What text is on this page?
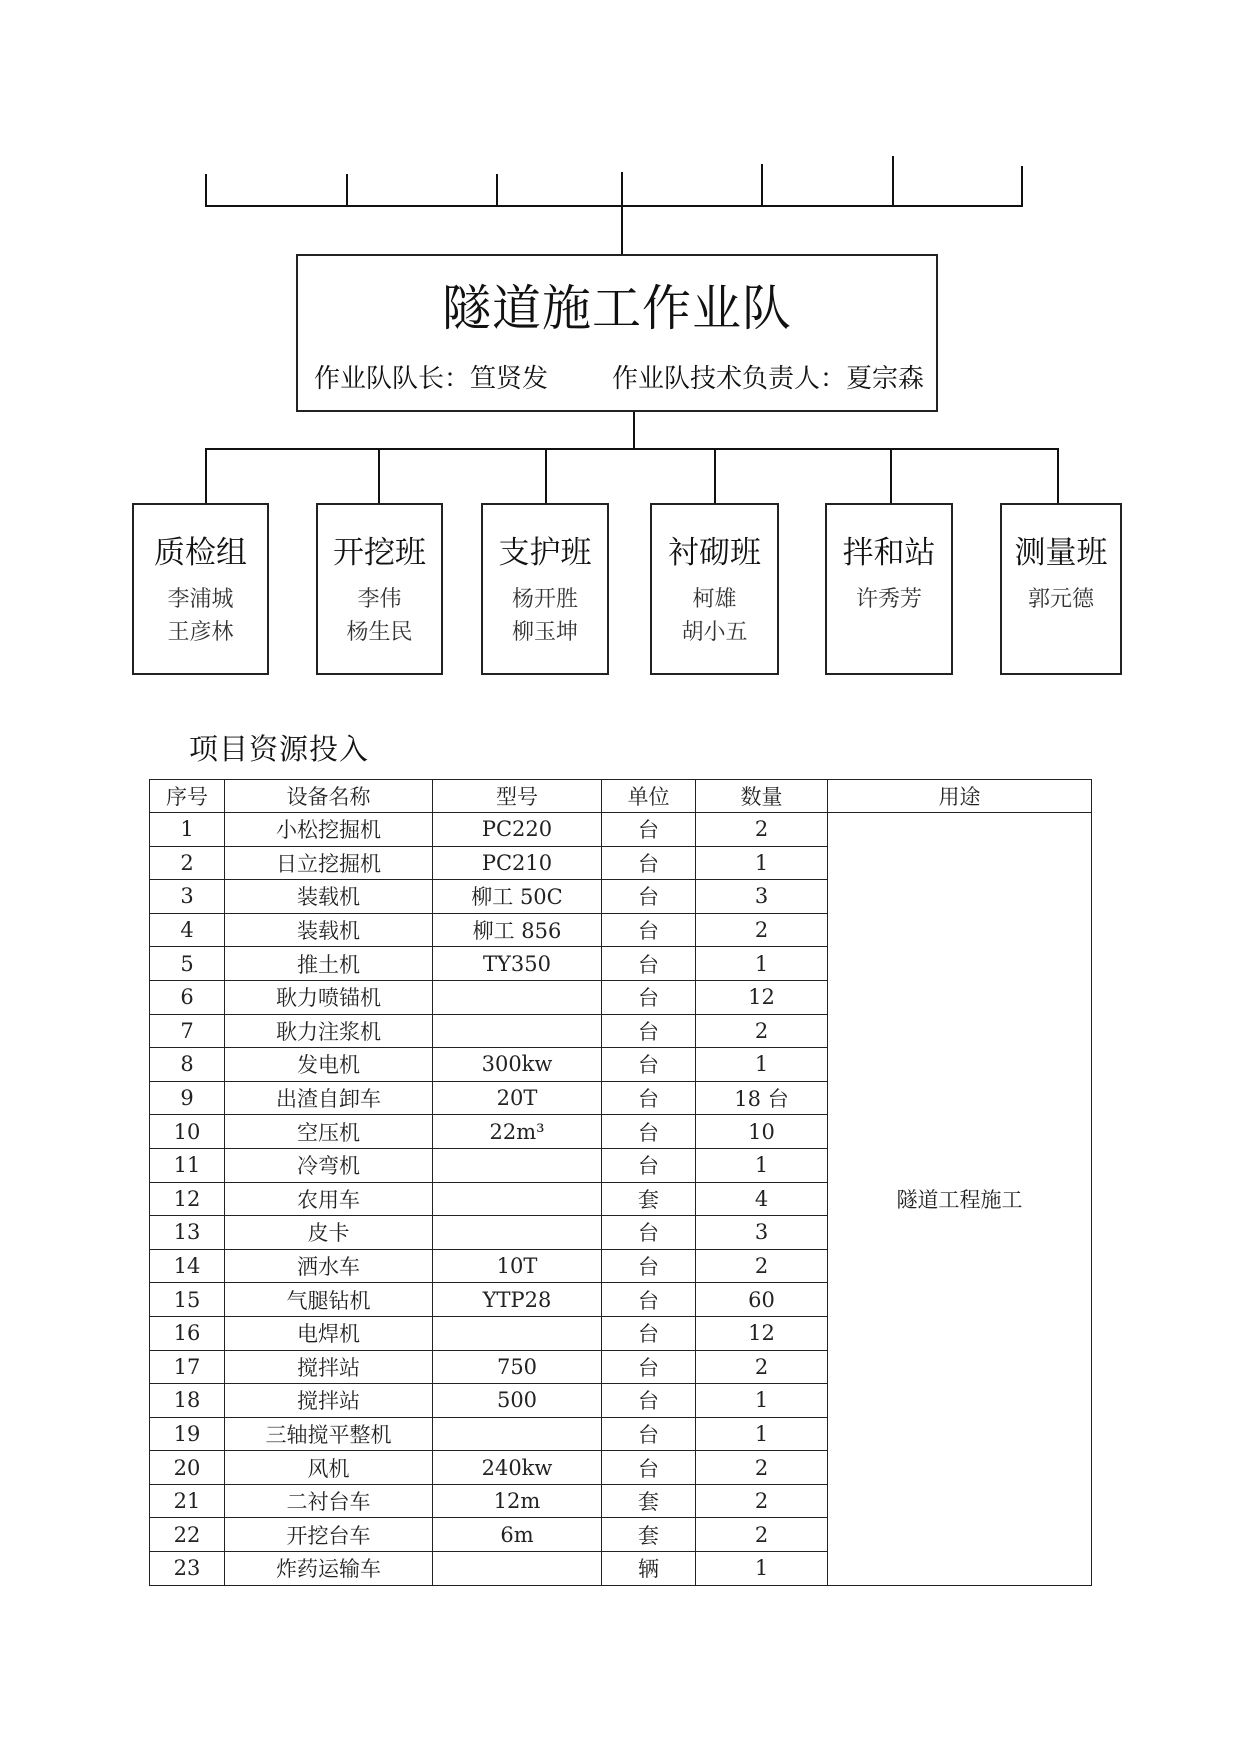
隧道施工作业队
作业队队长：笪贤发 作业队技术负责人：夏宗森
质检组
李浦城
王彦林
开挖班
李伟
杨生民
支护班
杨开胜
柳玉坤
衬砌班
柯雄
胡小五
拌和站
许秀芳
测量班
郭元德
项目资源投入
序号	设备名称	型号	单位	数量	用途
1	小松挖掘机	PC220	台	2	隧道工程施工
2	日立挖掘机	PC210	台	1	
3	装载机	柳工 50C	台	3	
4	装载机	柳工 856	台	2	
5	推土机	TY350	台	1	
6	耿力喷锚机		台	12	
7	耿力注浆机		台	2	
8	发电机	300kw	台	1	
9	出渣自卸车	20T	台	18 台	
10	空压机	22m³	台	10	
11	冷弯机		台	1	
12	农用车		套	4	
13	皮卡		台	3	
14	洒水车	10T	台	2	
15	气腿钻机	YTP28	台	60	
16	电焊机		台	12	
17	搅拌站	750	台	2	
18	搅拌站	500	台	1	
19	三轴搅平整机		台	1	
20	风机	240kw	台	2	
21	二衬台车	12m	套	2	
22	开挖台车	6m	套	2	
23	炸药运输车		辆	1	
